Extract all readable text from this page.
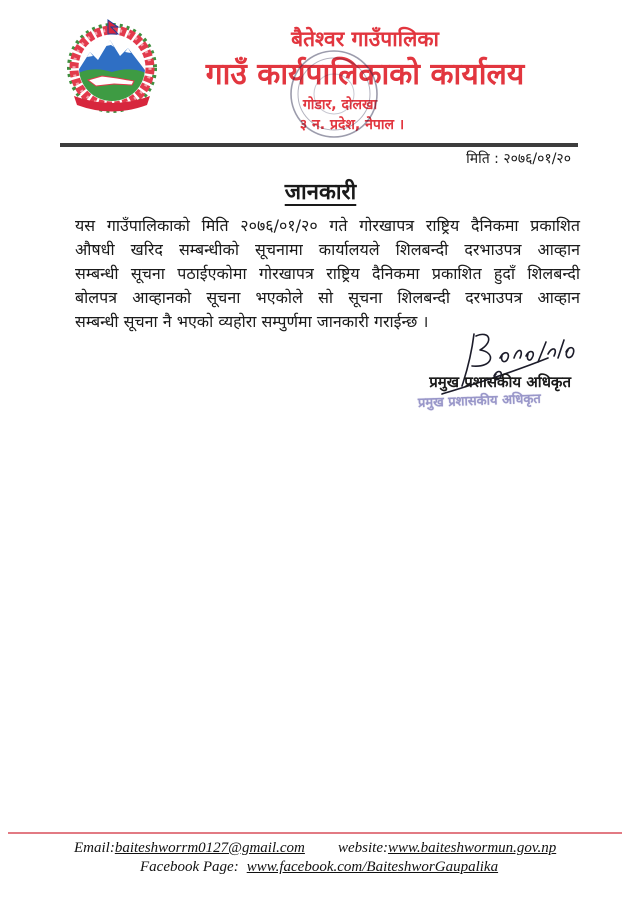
बैतेश्वर गाउँपालिका
गाउँ कार्यपालिकाको कार्यालय
गोडार, दोलखा
३ न. प्रदेश, नेपाल ।
मिति : २०७६/०१/२०
जानकारी
यस गाउँपालिकाको मिति २०७६/०१/२० गते गोरखापत्र राष्ट्रिय दैनिकमा प्रकाशित
औषधी खरिद सम्बन्धीको सूचनामा कार्यालयले शिलबन्दी दरभाउपत्र आव्हान
सम्बन्धी सूचना पठाईएकोमा गोरखापत्र राष्ट्रिय दैनिकमा प्रकाशित हुदाँ शिलबन्दी
बोलपत्र आव्हानको सूचना भएकोले सो सूचना शिलबन्दी दरभाउपत्र आव्हान
सम्बन्धी सूचना नै भएको व्यहोरा सम्पुर्णमा जानकारी गराईन्छ ।
प्रमुख प्रशासकीय अधिकृत
प्रमुख प्रशासकीय अधिकृत
Email:baiteshworrm0127@gmail.com website:www.baiteshwormun.gov.np
Facebook Page: www.facebook.com/BaiteshworGaupalika
